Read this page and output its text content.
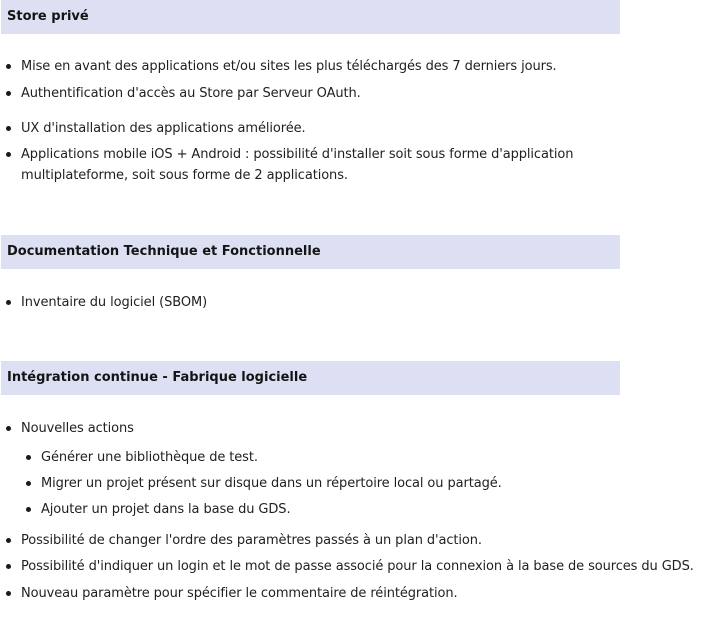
Store privé
Mise en avant des applications et/ou sites les plus téléchargés des 7 derniers jours.
Authentification d'accès au Store par Serveur OAuth.
UX d'installation des applications améliorée.
Applications mobile iOS + Android : possibilité d'installer soit sous forme d'application multiplateforme, soit sous forme de 2 applications.
Documentation Technique et Fonctionnelle
Inventaire du logiciel (SBOM)
Intégration continue - Fabrique logicielle
Nouvelles actions
Générer une bibliothèque de test.
Migrer un projet présent sur disque dans un répertoire local ou partagé.
Ajouter un projet dans la base du GDS.
Possibilité de changer l'ordre des paramètres passés à un plan d'action.
Possibilité d'indiquer un login et le mot de passe associé pour la connexion à la base de sources du GDS.
Nouveau paramètre pour spécifier le commentaire de réintégration.
